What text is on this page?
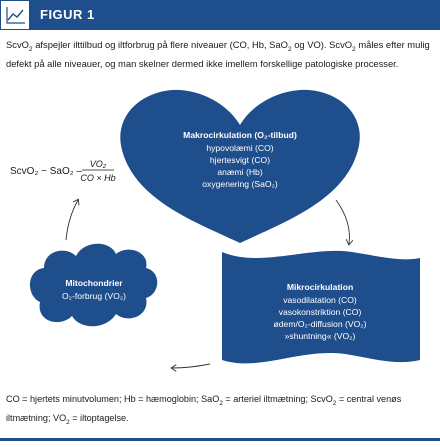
FIGUR 1
ScvO$_2$ afspejler ilttilbud og iltforbrug på flere niveauer (CO, Hb, SaO$_2$ og VO). ScvO$_2$ måles efter mulig defekt på alle niveauer, og man skelner dermed ikke imellem forskellige patologiske processer.
ScvO₂ ~ SaO₂ –
VO₂
CO × Hb
Makrocirkulation (O₂-tilbud)
hypovolæmi (CO)
hjertesvigt (CO)
anæmi (Hb)
oxygenering (SaO₂)
Mikrocirkulation
vasodilatation (CO)
vasokonstriktion (CO)
ødem/O₂-diffusion (VO₂)
»shuntning« (VO₂)
Mitochondrier
O₂-forbrug (VO₂)
CO = hjertets minutvolumen; Hb = hæmoglobin; SaO$_2$ = arteriel iltmætning; ScvO$_2$ = central venøs iltmætning; $VO_2$ = iltoptagelse.
